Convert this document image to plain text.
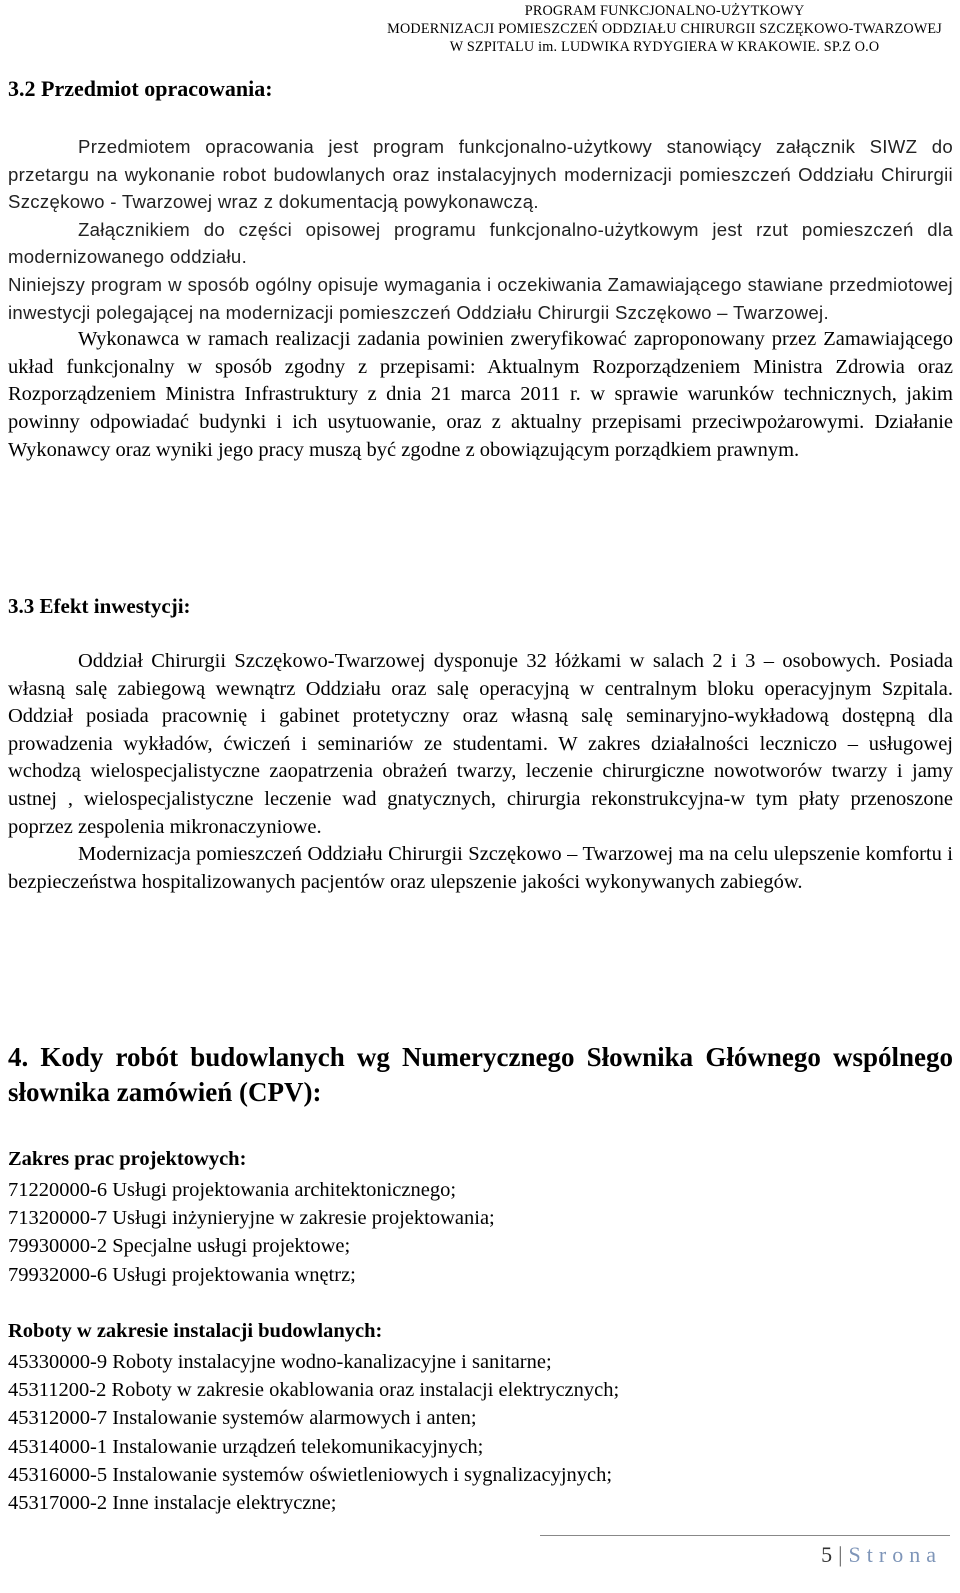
PROGRAM FUNKCJONALNO-UŻYTKOWY
MODERNIZACJI POMIESZCZEŃ ODDZIAŁU CHIRURGII SZCZĘKOWO-TWARZOWEJ
W SZPITALU im. LUDWIKA RYDYGIERA W KRAKOWIE. SP.Z O.O
3.2 Przedmiot opracowania:

Przedmiotem opracowania jest program funkcjonalno-użytkowy stanowiący załącznik SIWZ do przetargu na wykonanie robot budowlanych oraz instalacyjnych modernizacji pomieszczeń Oddziału Chirurgii Szczękowo - Twarzowej wraz z dokumentacją powykonawczą.

Załącznikiem do części opisowej programu funkcjonalno-użytkowym jest rzut pomieszczeń dla modernizowanego oddziału.

Niniejszy program w sposób ogólny opisuje wymagania i oczekiwania Zamawiającego stawiane przedmiotowej inwestycji polegającej na modernizacji pomieszczeń Oddziału Chirurgii Szczękowo – Twarzowej.

Wykonawca w ramach realizacji zadania powinien zweryfikować zaproponowany przez Zamawiającego układ funkcjonalny w sposób zgodny z przepisami: Aktualnym Rozporządzeniem Ministra Zdrowia oraz Rozporządzeniem Ministra Infrastruktury z dnia 21 marca 2011 r. w sprawie warunków technicznych, jakim powinny odpowiadać budynki i ich usytuowanie, oraz z aktualny przepisami przeciwpożarowymi. Działanie Wykonawcy oraz wyniki jego pracy muszą być zgodne z obowiązującym porządkiem prawnym.

3.3 Efekt inwestycji:

Oddział Chirurgii Szczękowo-Twarzowej dysponuje 32 łóżkami w salach 2 i 3 – osobowych. Posiada własną salę zabiegową wewnątrz Oddziału oraz salę operacyjną w centralnym bloku operacyjnym Szpitala. Oddział posiada pracownię i gabinet protetyczny oraz własną salę seminaryjno-wykładową dostępną dla prowadzenia wykładów, ćwiczeń i seminariów ze studentami. W zakres działalności leczniczo – usługowej wchodzą wielospecjalistyczne zaopatrzenia obrażeń twarzy, leczenie chirurgiczne nowotworów twarzy i jamy ustnej , wielospecjalistyczne leczenie wad gnatycznych, chirurgia rekonstrukcyjna-w tym płaty przenoszone poprzez zespolenia mikronaczyniowe.

Modernizacja pomieszczeń Oddziału Chirurgii Szczękowo – Twarzowej ma na celu ulepszenie komfortu i bezpieczeństwa hospitalizowanych pacjentów oraz ulepszenie jakości wykonywanych zabiegów.

4. Kody robót budowlanych wg Numerycznego Słownika Głównego wspólnego słownika zamówień (CPV):

Zakres prac projektowych:
71220000-6 Usługi projektowania architektonicznego;
71320000-7 Usługi inżynieryjne w zakresie projektowania;
79930000-2 Specjalne usługi projektowe;
79932000-6 Usługi projektowania wnętrz;
Roboty w zakresie instalacji budowlanych:
45330000-9 Roboty instalacyjne wodno-kanalizacyjne i sanitarne;
45311200-2 Roboty w zakresie okablowania oraz instalacji elektrycznych;
45312000-7 Instalowanie systemów alarmowych i anten;
45314000-1 Instalowanie urządzeń telekomunikacyjnych;
45316000-5 Instalowanie systemów oświetleniowych i sygnalizacyjnych;
45317000-2 Inne instalacje elektryczne;
5 | Strona
